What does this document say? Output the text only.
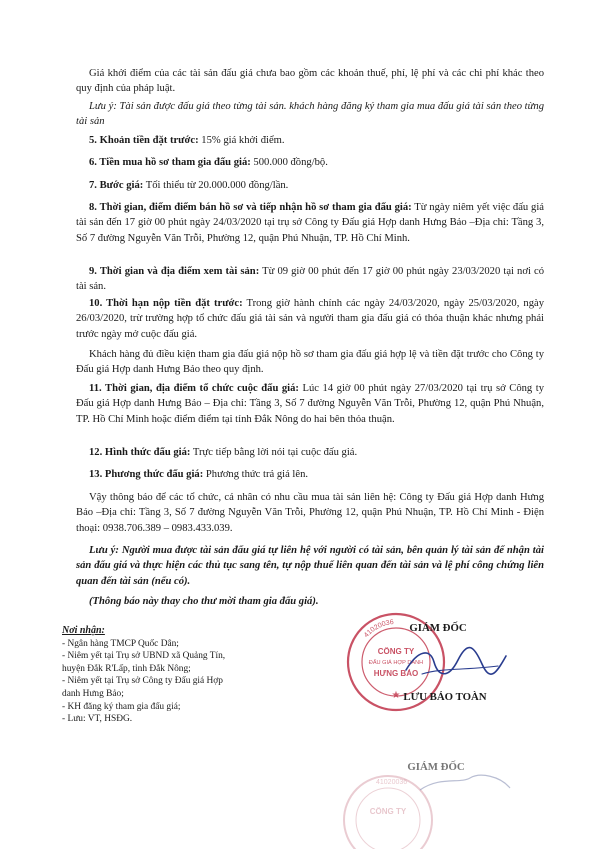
Giá khởi điểm của các tài sản đấu giá chưa bao gồm các khoản thuế, phí, lệ phí và các chi phí khác theo quy định của pháp luật.

Lưu ý: Tài sản được đấu giá theo từng tài sản. khách hàng đăng ký tham gia mua đấu giá tài sản theo từng tài sản

5. Khoản tiền đặt trước: 15% giá khởi điểm.

6. Tiền mua hồ sơ tham gia đấu giá: 500.000 đồng/bộ.

7. Bước giá: Tối thiểu từ 20.000.000 đồng/lần.

8. Thời gian, điểm điểm bán hồ sơ và tiếp nhận hồ sơ tham gia đấu giá: Từ ngày niêm yết việc đấu giá tài sản đến 17 giờ 00 phút ngày 24/03/2020 tại trụ sở Công ty Đấu giá Hợp danh Hưng Bảo –Địa chỉ: Tầng 3, Số 7 đường Nguyễn Văn Trỗi, Phường 12, quận Phú Nhuận, TP. Hồ Chí Minh.

9. Thời gian và địa điểm xem tài sản: Từ 09 giờ 00 phút đến 17 giờ 00 phút ngày 23/03/2020 tại nơi có tài sản.

10. Thời hạn nộp tiền đặt trước: Trong giờ hành chính các ngày 24/03/2020, ngày 25/03/2020, ngày 26/03/2020, trừ trường hợp tổ chức đấu giá tài sản và người tham gia đấu giá có thỏa thuận khác nhưng phải trước ngày mở cuộc đấu giá.

Khách hàng đủ điều kiện tham gia đấu giá nộp hồ sơ tham gia đấu giá hợp lệ và tiền đặt trước cho Công ty Đấu giá Hợp danh Hưng Bảo theo quy định.

11. Thời gian, địa điểm tổ chức cuộc đấu giá: Lúc 14 giờ 00 phút ngày 27/03/2020 tại trụ sở Công ty Đấu giá Hợp danh Hưng Bảo – Địa chỉ: Tầng 3, Số 7 đường Nguyễn Văn Trỗi, Phường 12, quận Phú Nhuận, TP. Hồ Chí Minh hoặc điểm điểm tại tỉnh Đắk Nông do hai bên thỏa thuận.

12. Hình thức đấu giá: Trực tiếp bằng lời nói tại cuộc đấu giá.

13. Phương thức đấu giá: Phương thức trả giá lên.

Vậy thông báo để các tổ chức, cá nhân có nhu cầu mua tài sản liên hệ: Công ty Đấu giá Hợp danh Hưng Bảo –Địa chỉ: Tầng 3, Số 7 đường Nguyễn Văn Trỗi, Phường 12, quận Phú Nhuận, TP. Hồ Chí Minh - Điện thoại: 0938.706.389 – 0983.433.039.

Lưu ý: Người mua được tài sản đấu giá tự liên hệ với người có tài sản, bên quản lý tài sản để nhận tài sản đấu giá và thực hiện các thủ tục sang tên, tự nộp thuế liên quan đến tài sản và lệ phí công chứng liên quan đến tài sản (nếu có).

(Thông báo này thay cho thư mời tham gia đấu giá).

Nơi nhận:
- Ngân hàng TMCP Quốc Dân;
- Niêm yết tại Trụ sở UBND xã Quảng Tín,
huyện Đắk R'Lấp, tỉnh Đắk Nông;
- Niêm yết tại Trụ sở Công ty Đấu giá Hợp
danh Hưng Bảo;
- KH đăng ký tham gia đấu giá;
- Lưu: VT, HSĐG.
41020036
CÔNG TY
ĐẤU GIÁ HỢP DANH
HƯNG BẢO
★
GIÁM ĐỐC
LƯU BẢO TOÀN
41020036
CÔNG TY
GIÁM ĐỐC
